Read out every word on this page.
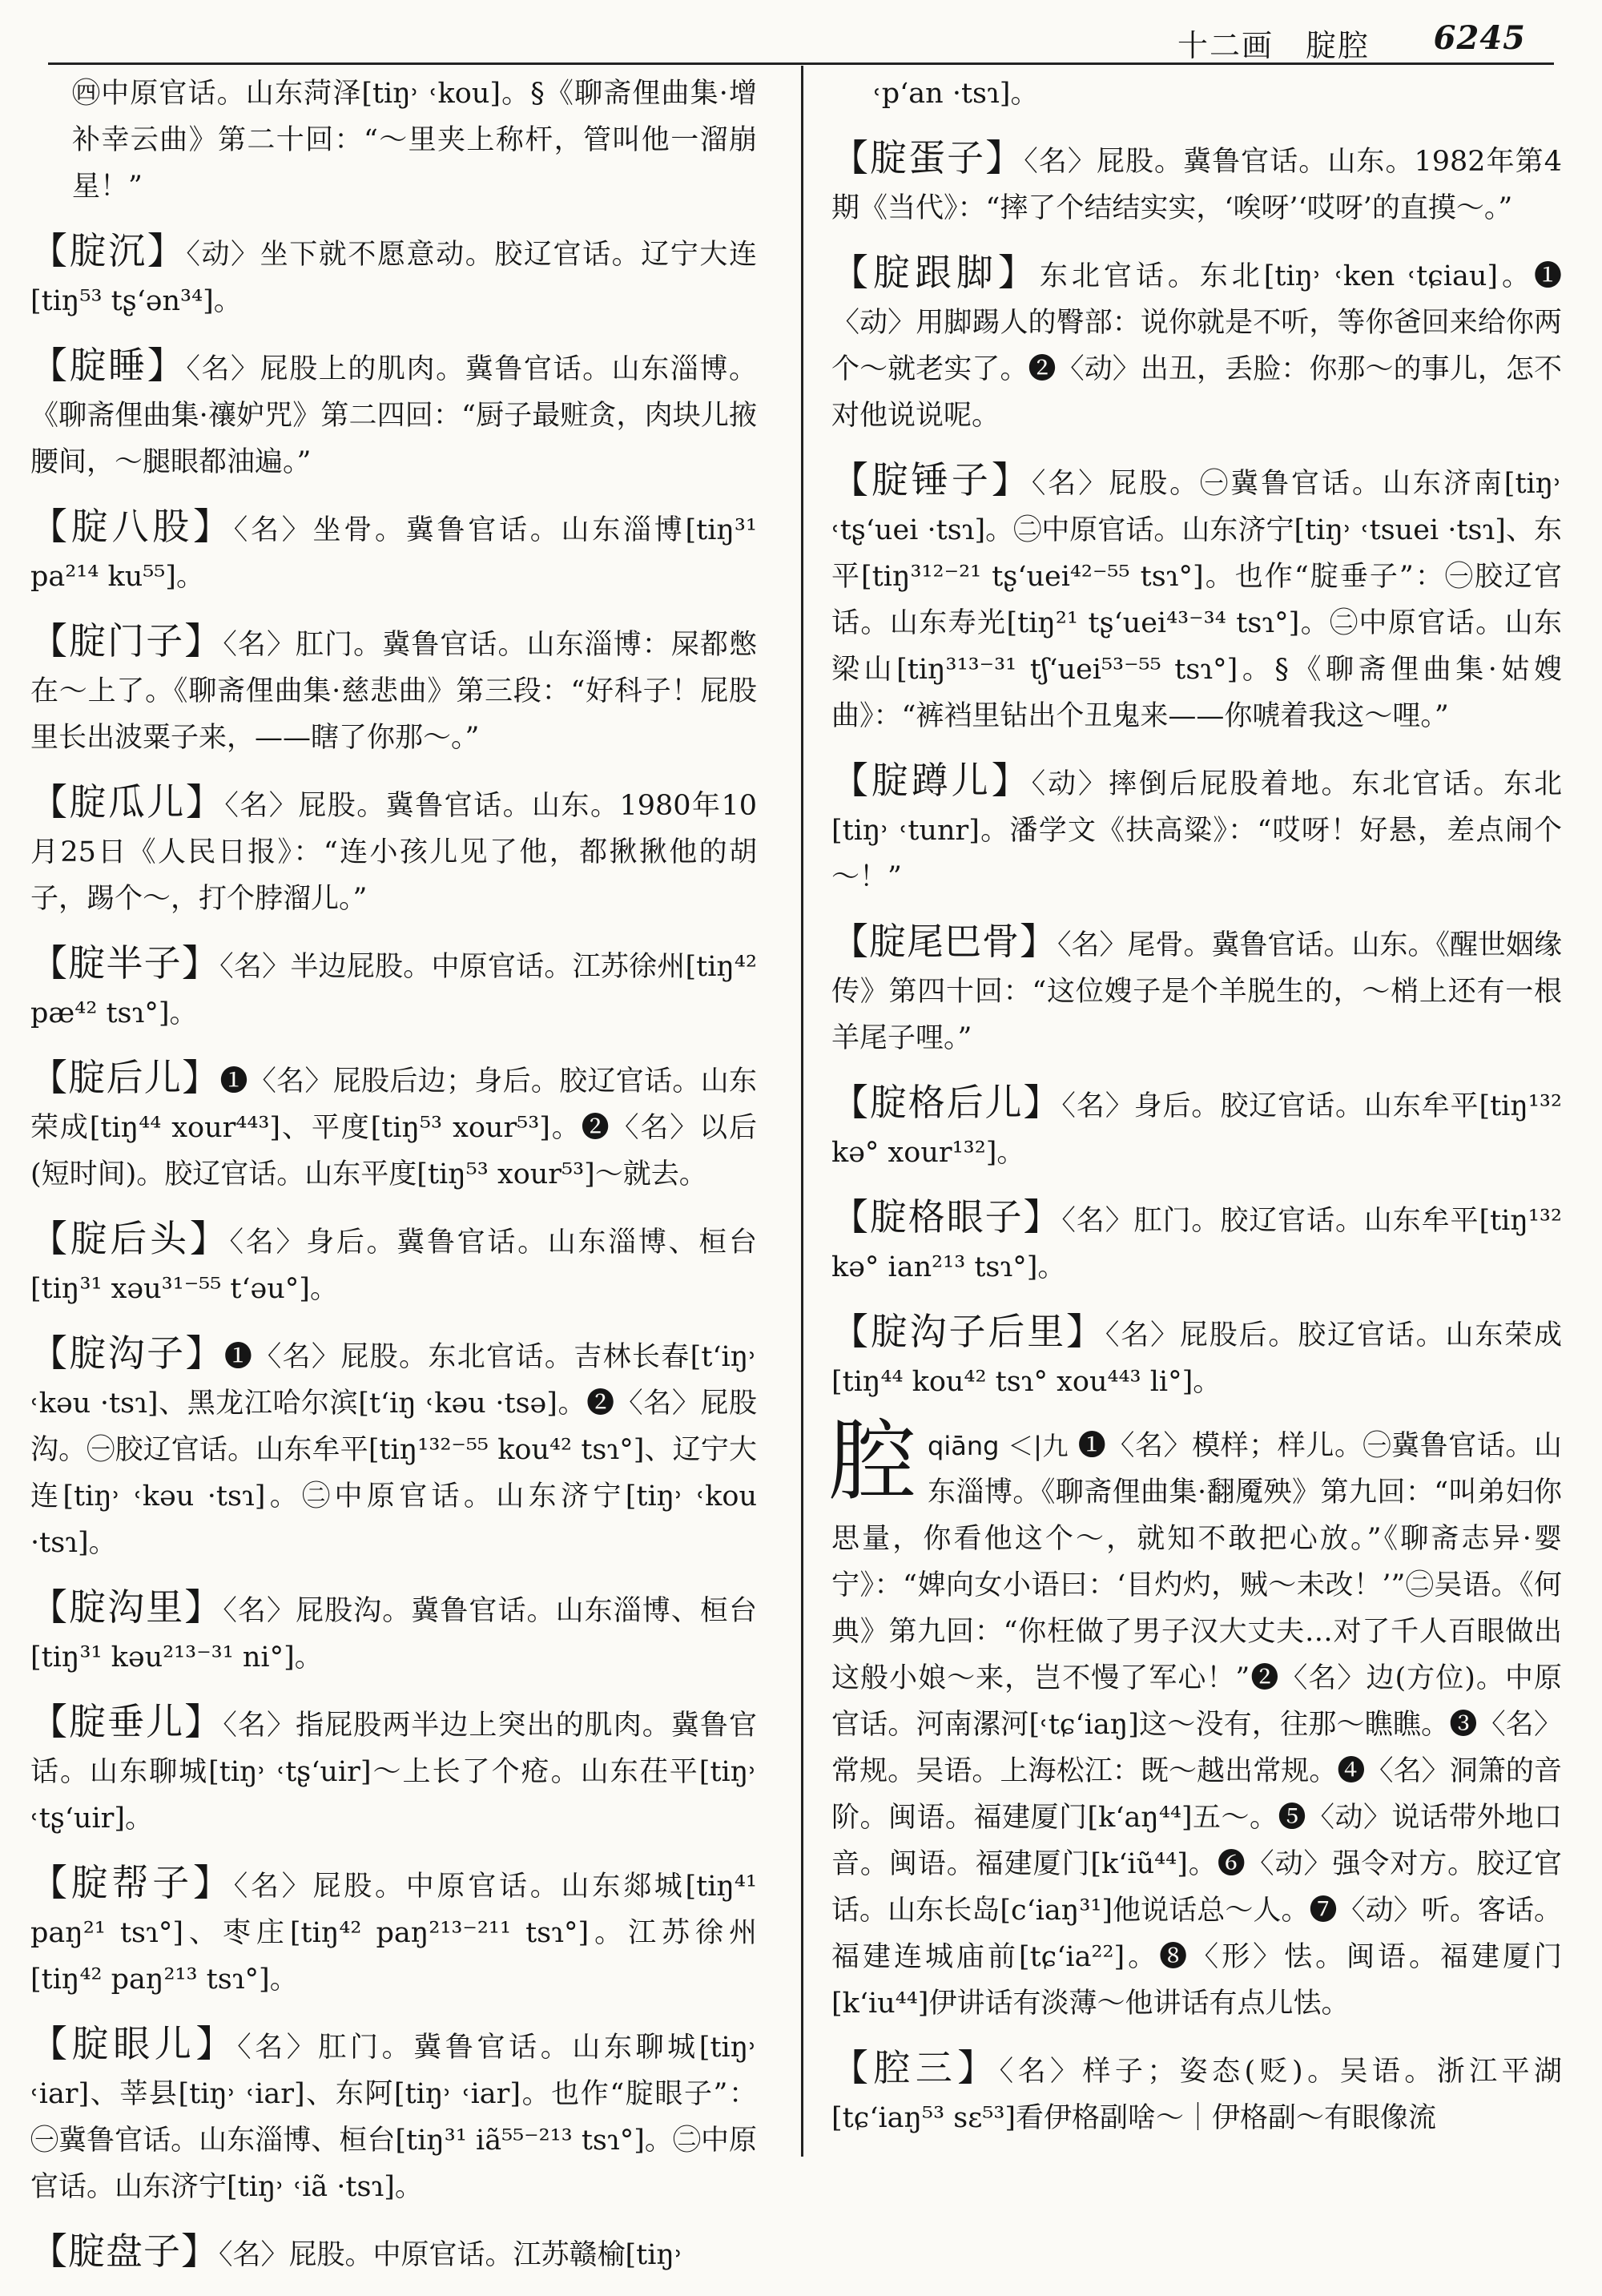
十二画　腚腔 6245
㊃中原官话。山东菏泽[tiŋ˒ ˓kou]。§《聊斋俚曲集·增补幸云曲》第二十回：“～里夹上称杆，管叫他一溜崩星！”
【腚沉】〈动〉坐下就不愿意动。胶辽官话。辽宁大连[tiŋ⁵³ tʂ‘ən³⁴]。
【腚睡】〈名〉屁股上的肌肉。冀鲁官话。山东淄博。《聊斋俚曲集·禳妒咒》第二四回：“厨子最赃贪，肉块儿掖腰间，～腿眼都油遍。”
【腚八股】〈名〉坐骨。冀鲁官话。山东淄博[tiŋ³¹ pa²¹⁴ ku⁵⁵]。
【腚门子】〈名〉肛门。冀鲁官话。山东淄博：屎都憋在～上了。《聊斋俚曲集·慈悲曲》第三段：“好科子！屁股里长出波粟子来，——瞎了你那～。”
【腚瓜儿】〈名〉屁股。冀鲁官话。山东。1980年10月25日《人民日报》：“连小孩儿见了他，都揪揪他的胡子，踢个～，打个脖溜儿。”
【腚半子】〈名〉半边屁股。中原官话。江苏徐州[tiŋ⁴² pæ⁴² tsɿ°]。
【腚后儿】❶〈名〉屁股后边；身后。胶辽官话。山东荣成[tiŋ⁴⁴ xour⁴⁴³]、平度[tiŋ⁵³ xour⁵³]。❷〈名〉以后(短时间)。胶辽官话。山东平度[tiŋ⁵³ xour⁵³]～就去。
【腚后头】〈名〉身后。冀鲁官话。山东淄博、桓台[tiŋ³¹ xəu³¹⁻⁵⁵ t‘əu°]。
【腚沟子】❶〈名〉屁股。东北官话。吉林长春[t‘iŋ˒ ˓kəu ·tsɿ]、黑龙江哈尔滨[t‘iŋ ˓kəu ·tsə]。❷〈名〉屁股沟。㊀胶辽官话。山东牟平[tiŋ¹³²⁻⁵⁵ kou⁴² tsɿ°]、辽宁大连[tiŋ˒ ˓kəu ·tsɿ]。㊁中原官话。山东济宁[tiŋ˒ ˓kou ·tsɿ]。
【腚沟里】〈名〉屁股沟。冀鲁官话。山东淄博、桓台[tiŋ³¹ kəu²¹³⁻³¹ ni°]。
【腚垂儿】〈名〉指屁股两半边上突出的肌肉。冀鲁官话。山东聊城[tiŋ˒ ˓tʂ‘uir]～上长了个疮。山东茌平[tiŋ˒ ˓tʂ‘uir]。
【腚帮子】〈名〉屁股。中原官话。山东郯城[tiŋ⁴¹ paŋ²¹ tsɿ°]、枣庄[tiŋ⁴² paŋ²¹³⁻²¹¹ tsɿ°]。江苏徐州[tiŋ⁴² paŋ²¹³ tsɿ°]。
【腚眼儿】〈名〉肛门。冀鲁官话。山东聊城[tiŋ˒ ˓iar]、莘县[tiŋ˒ ˓iar]、东阿[tiŋ˒ ˓iar]。也作“腚眼子”：㊀冀鲁官话。山东淄博、桓台[tiŋ³¹ iã⁵⁵⁻²¹³ tsɿ°]。㊁中原官话。山东济宁[tiŋ˒ ˓iã ·tsɿ]。
【腚盘子】〈名〉屁股。中原官话。江苏赣榆[tiŋ˒
˓p‘an ·tsɿ]。
【腚蛋子】〈名〉屁股。冀鲁官话。山东。1982年第4期《当代》：“摔了个结结实实，‘唉呀’‘哎呀’的直摸～。”
【腚跟脚】东北官话。东北[tiŋ˒ ˓ken ˓tɕiau]。❶〈动〉用脚踢人的臀部：说你就是不听，等你爸回来给你两个～就老实了。❷〈动〉出丑，丢脸：你那～的事儿，怎不对他说说呢。
【腚锤子】〈名〉屁股。㊀冀鲁官话。山东济南[tiŋ˒ ˓tʂ‘uei ·tsɿ]。㊁中原官话。山东济宁[tiŋ˒ ˓tsuei ·tsɿ]、东平[tiŋ³¹²⁻²¹ tʂ‘uei⁴²⁻⁵⁵ tsɿ°]。也作“腚垂子”：㊀胶辽官话。山东寿光[tiŋ²¹ tʂ‘uei⁴³⁻³⁴ tsɿ°]。㊁中原官话。山东梁山[tiŋ³¹³⁻³¹ tʃ‘uei⁵³⁻⁵⁵ tsɿ°]。§《聊斋俚曲集·姑嫂曲》：“裤裆里钻出个丑鬼来——你唬着我这～哩。”
【腚蹲儿】〈动〉摔倒后屁股着地。东北官话。东北[tiŋ˒ ˓tunr]。潘学文《扶高粱》：“哎呀！好悬，差点闹个～！”
【腚尾巴骨】〈名〉尾骨。冀鲁官话。山东。《醒世姻缘传》第四十回：“这位嫂子是个羊脱生的，～梢上还有一根羊尾子哩。”
【腚格后儿】〈名〉身后。胶辽官话。山东牟平[tiŋ¹³² kə° xour¹³²]。
【腚格眼子】〈名〉肛门。胶辽官话。山东牟平[tiŋ¹³² kə° ian²¹³ tsɿ°]。
【腚沟子后里】〈名〉屁股后。胶辽官话。山东荣成[tiŋ⁴⁴ kou⁴² tsɿ° xou⁴⁴³ li°]。
腔 qiāng ＜|九 ❶〈名〉模样；样儿。㊀冀鲁官话。山东淄博。《聊斋俚曲集·翻魇殃》第九回：“叫弟妇你思量，你看他这个～，就知不敢把心放。”《聊斋志异·婴宁》：“婢向女小语曰：‘目灼灼，贼～未改！’”㊁吴语。《何典》第九回：“你枉做了男子汉大丈夫…对了千人百眼做出这般小娘～来，岂不慢了军心！”❷〈名〉边(方位)。中原官话。河南漯河[˓tɕ‘iaŋ]这～没有，往那～瞧瞧。❸〈名〉常规。吴语。上海松江：既～越出常规。❹〈名〉洞箫的音阶。闽语。福建厦门[k‘aŋ⁴⁴]五～。❺〈动〉说话带外地口音。闽语。福建厦门[k‘iũ⁴⁴]。❻〈动〉强令对方。胶辽官话。山东长岛[c‘iaŋ³¹]他说话总～人。❼〈动〉听。客话。福建连城庙前[tɕ‘ia²²]。❽〈形〉怯。闽语。福建厦门[k‘iu⁴⁴]伊讲话有淡薄～他讲话有点儿怯。
【腔三】〈名〉样子；姿态(贬)。吴语。浙江平湖[tɕ‘iaŋ⁵³ sɛ⁵³]看伊格副啥～｜伊格副～有眼像流
